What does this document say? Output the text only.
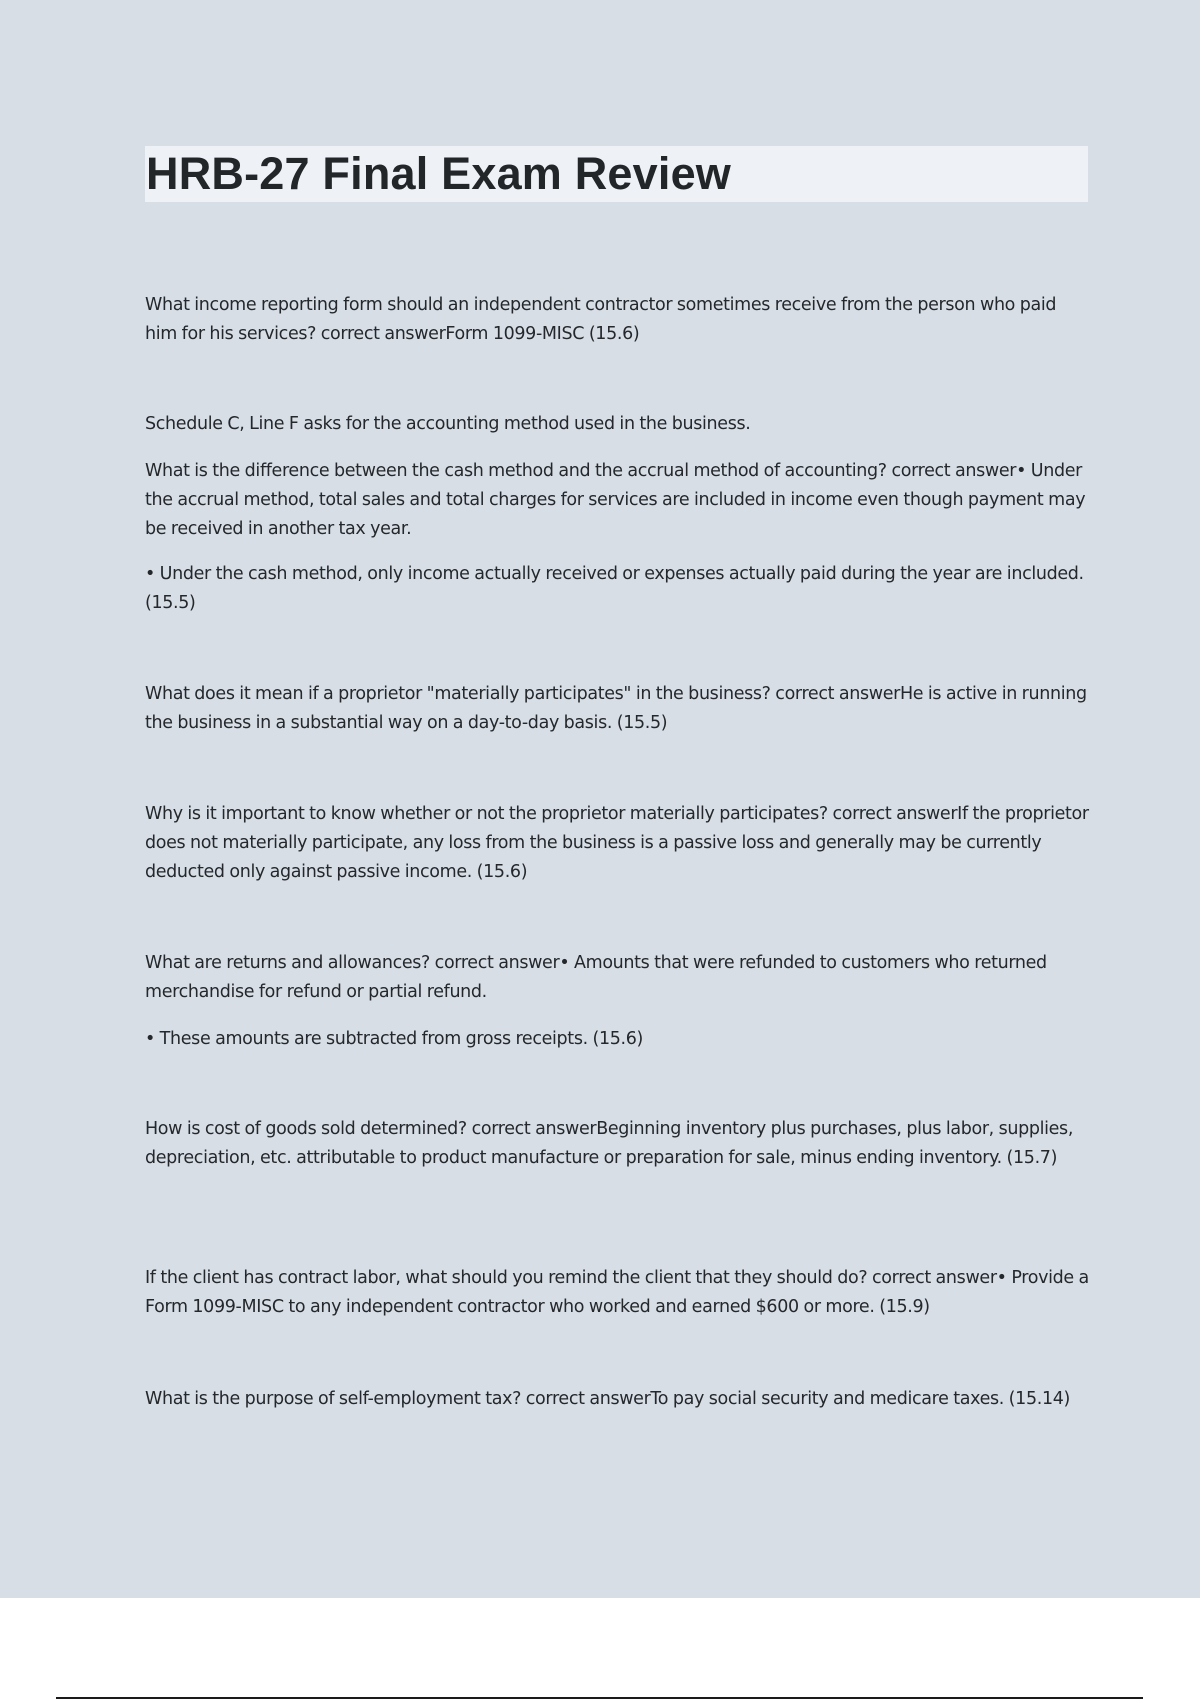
HRB-27 Final Exam Review

What income reporting form should an independent contractor sometimes receive from the person who paid him for his services? correct answerForm 1099-MISC (15.6)

Schedule C, Line F asks for the accounting method used in the business.

What is the difference between the cash method and the accrual method of accounting? correct answer• Under the accrual method, total sales and total charges for services are included in income even though payment may be received in another tax year.

• Under the cash method, only income actually received or expenses actually paid during the year are included. (15.5)

What does it mean if a proprietor "materially participates" in the business? correct answerHe is active in running the business in a substantial way on a day-to-day basis. (15.5)

Why is it important to know whether or not the proprietor materially participates? correct answerIf the proprietor does not materially participate, any loss from the business is a passive loss and generally may be currently deducted only against passive income. (15.6)

What are returns and allowances? correct answer• Amounts that were refunded to customers who returned merchandise for refund or partial refund.

• These amounts are subtracted from gross receipts. (15.6)

How is cost of goods sold determined? correct answerBeginning inventory plus purchases, plus labor, supplies, depreciation, etc. attributable to product manufacture or preparation for sale, minus ending inventory. (15.7)

If the client has contract labor, what should you remind the client that they should do? correct answer• Provide a Form 1099-MISC to any independent contractor who worked and earned $600 or more. (15.9)

What is the purpose of self-employment tax? correct answerTo pay social security and medicare taxes. (15.14)
